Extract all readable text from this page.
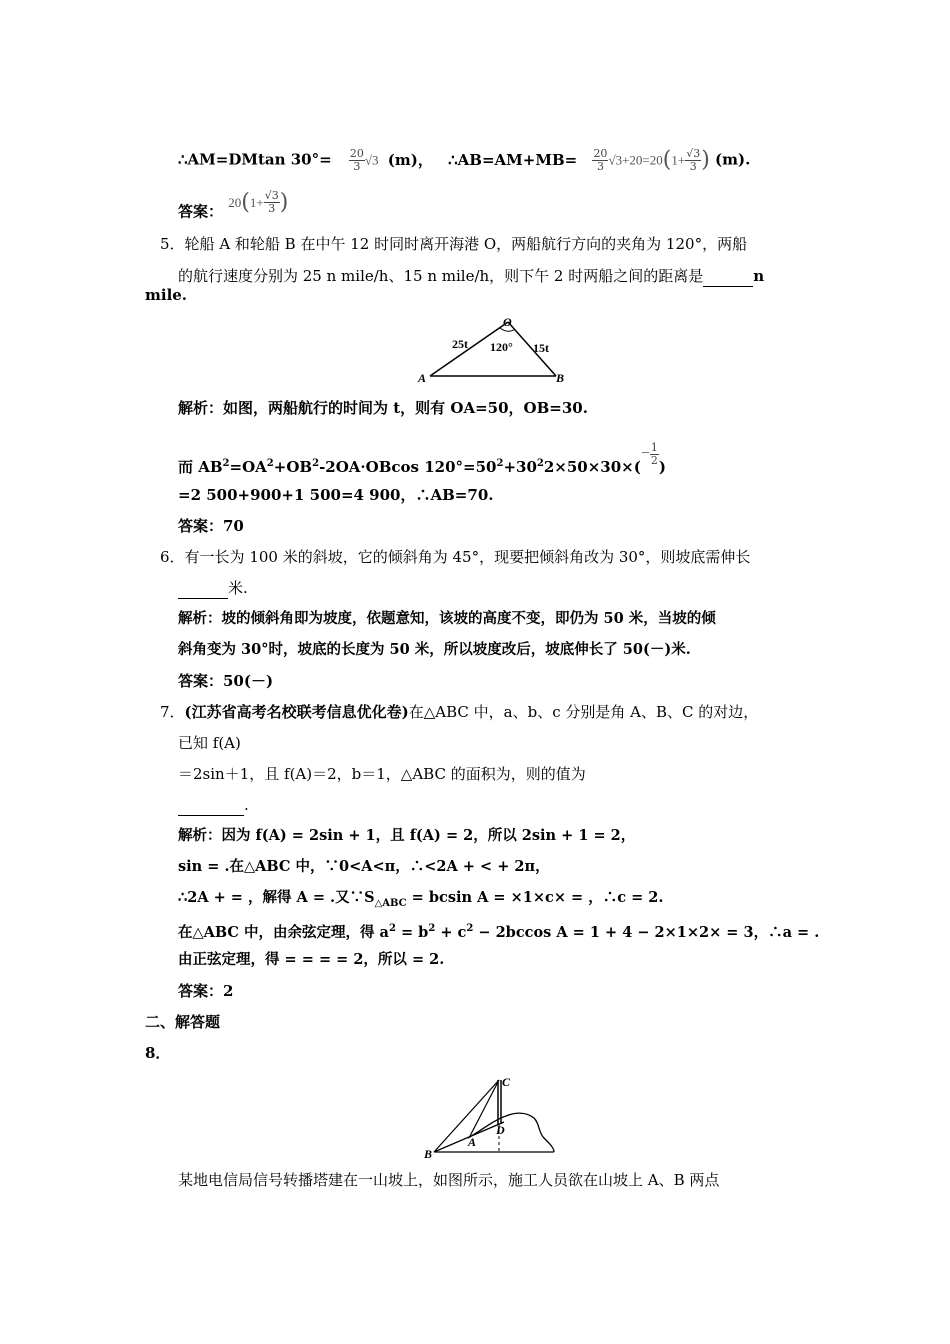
∴AM=DMtan $30^\circ= \frac{20}{3} √3$ (m)， ∴AB=AM+MB= $\frac{20}{3} √3+20=20(1+ \frac{√3}{3}$ ) (m).
答案： $20(1+ \frac{√3}{3}$ )
5．轮船 A 和轮船 B 在中午 12 时同时离开海港 O，两船航行方向的夹角为 120°，两船
的航行速度分别为 25 n mile/h、15 n mile/h，则下午 2 时两船之间的距离是	n
mile.
O
A	B
25t	15t
120°
解析：如图，两船航行的时间为 t，则有 OA=50，OB=30.
而 $AB^2=OA^2+OB^2-2OA\cdot OBcos$ $120^\circ=50^2+30^22\times 50\times 30\times(- \frac{1}{2}$
)
=2 500+900+1 500=4 900，∴AB=70.
答案：70
6．有一长为 100 米的斜坡，它的倾斜角为 45°，现要把倾斜角改为 30°，则坡底需伸长
米.
解析：坡的倾斜角即为坡度，依题意知，该坡的高度不变，即仍为 50 米，当坡的倾
斜角变为 30°时，坡底的长度为 50 米，所以坡度改后，坡底伸长了 50(－)米.
答案：50(－)
7．(江苏省高考名校联考信息优化卷)在△ABC 中，a、b、c 分别是角 A、B、C 的对边，
已知 f(A)
＝2sin＋1，且 f(A)＝2，b＝1，△ABC 的面积为，则的值为
.
解析：因为 f(A) = 2sin + 1，且 f(A) = 2，所以 2sin + 1 = 2，
sin = .在△ABC 中，∵0<A<π，∴<2A + < + 2π，
∴2A + = ，解得 A = .又$\because S_{\triangle ABC} = bcsin$ A = ×1×c× = ，∴c = 2.
在△ABC 中，由余弦定理，得 $a^2 = b^2 + c^2 - 2bccos$ A = 1 + 4 − 2×1×2× = 3，∴a = .
由正弦定理，得 = = = = 2，所以 = 2.
答案：2
二、解答题
8．
C
D
A
B
某地电信局信号转播塔建在一山坡上，如图所示，施工人员欲在山坡上 A、B 两点
